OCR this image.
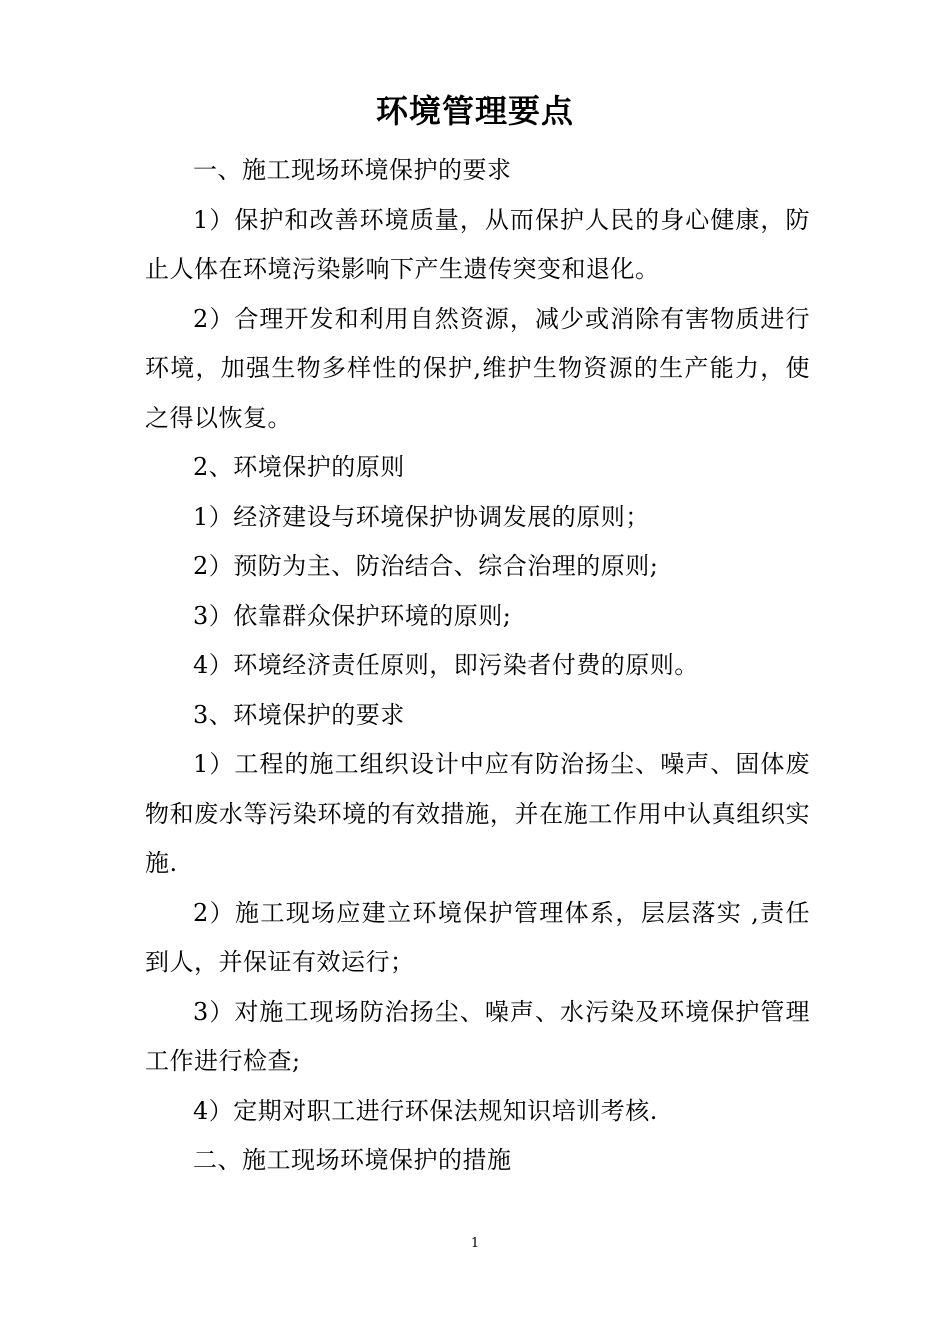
环境管理要点

一、施工现场环境保护的要求

1）保护和改善环境质量，从而保护人民的身心健康，防止人体在环境污染影响下产生遗传突变和退化。

2）合理开发和利用自然资源，减少或消除有害物质进行环境，加强生物多样性的保护,维护生物资源的生产能力，使之得以恢复。

2、环境保护的原则

1）经济建设与环境保护协调发展的原则；

2）预防为主、防治结合、综合治理的原则;

3）依靠群众保护环境的原则;

4）环境经济责任原则，即污染者付费的原则。

3、环境保护的要求

1）工程的施工组织设计中应有防治扬尘、噪声、固体废物和废水等污染环境的有效措施，并在施工作用中认真组织实施.

2）施工现场应建立环境保护管理体系，层层落实 ,责任到人，并保证有效运行；

3）对施工现场防治扬尘、噪声、水污染及环境保护管理工作进行检查;

4）定期对职工进行环保法规知识培训考核.

二、施工现场环境保护的措施

1
